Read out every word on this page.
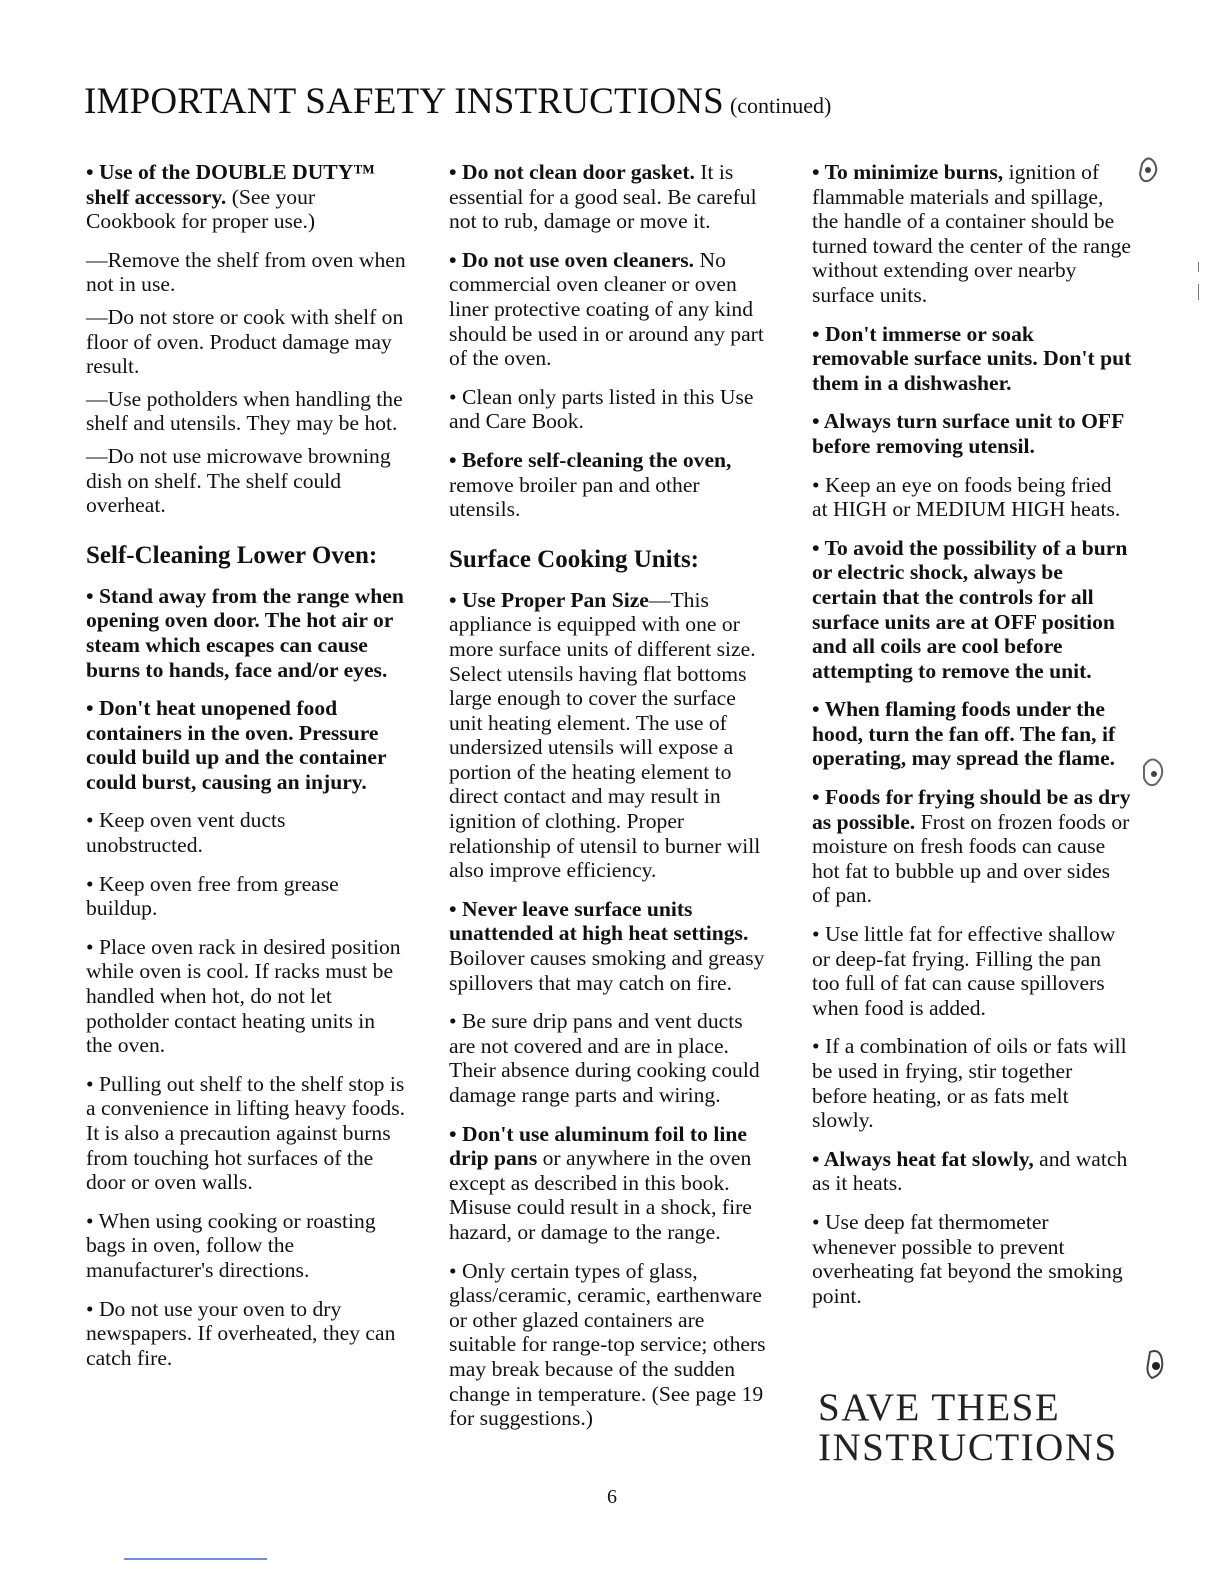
IMPORTANT SAFETY INSTRUCTIONS (continued)

• Use of the DOUBLE DUTY™ shelf accessory. (See your Cookbook for proper use.)

—Remove the shelf from oven when not in use.

—Do not store or cook with shelf on floor of oven. Product damage may result.

—Use potholders when handling the shelf and utensils. They may be hot.

—Do not use microwave browning dish on shelf. The shelf could overheat.

Self-Cleaning Lower Oven:

• Stand away from the range when opening oven door. The hot air or steam which escapes can cause burns to hands, face and/or eyes.

• Don't heat unopened food containers in the oven. Pressure could build up and the container could burst, causing an injury.

• Keep oven vent ducts unobstructed.

• Keep oven free from grease buildup.

• Place oven rack in desired position while oven is cool. If racks must be handled when hot, do not let potholder contact heating units in the oven.

• Pulling out shelf to the shelf stop is a convenience in lifting heavy foods. It is also a precaution against burns from touching hot surfaces of the door or oven walls.

• When using cooking or roasting bags in oven, follow the manufacturer's directions.

• Do not use your oven to dry newspapers. If overheated, they can catch fire.

• Do not clean door gasket. It is essential for a good seal. Be careful not to rub, damage or move it.

• Do not use oven cleaners. No commercial oven cleaner or oven liner protective coating of any kind should be used in or around any part of the oven.

• Clean only parts listed in this Use and Care Book.

• Before self-cleaning the oven, remove broiler pan and other utensils.

Surface Cooking Units:

• Use Proper Pan Size—This appliance is equipped with one or more surface units of different size. Select utensils having flat bottoms large enough to cover the surface unit heating element. The use of undersized utensils will expose a portion of the heating element to direct contact and may result in ignition of clothing. Proper relationship of utensil to burner will also improve efficiency.

• Never leave surface units unattended at high heat settings. Boilover causes smoking and greasy spillovers that may catch on fire.

• Be sure drip pans and vent ducts are not covered and are in place. Their absence during cooking could damage range parts and wiring.

• Don't use aluminum foil to line drip pans or anywhere in the oven except as described in this book. Misuse could result in a shock, fire hazard, or damage to the range.

• Only certain types of glass, glass/ceramic, ceramic, earthenware or other glazed containers are suitable for range-top service; others may break because of the sudden change in temperature. (See page 19 for suggestions.)

• To minimize burns, ignition of flammable materials and spillage, the handle of a container should be turned toward the center of the range without extending over nearby surface units.

• Don't immerse or soak removable surface units. Don't put them in a dishwasher.

• Always turn surface unit to OFF before removing utensil.

• Keep an eye on foods being fried at HIGH or MEDIUM HIGH heats.

• To avoid the possibility of a burn or electric shock, always be certain that the controls for all surface units are at OFF position and all coils are cool before attempting to remove the unit.

• When flaming foods under the hood, turn the fan off. The fan, if operating, may spread the flame.

• Foods for frying should be as dry as possible. Frost on frozen foods or moisture on fresh foods can cause hot fat to bubble up and over sides of pan.

• Use little fat for effective shallow or deep-fat frying. Filling the pan too full of fat can cause spillovers when food is added.

• If a combination of oils or fats will be used in frying, stir together before heating, or as fats melt slowly.

• Always heat fat slowly, and watch as it heats.

• Use deep fat thermometer whenever possible to prevent overheating fat beyond the smoking point.

SAVE THESE
INSTRUCTIONS
6
